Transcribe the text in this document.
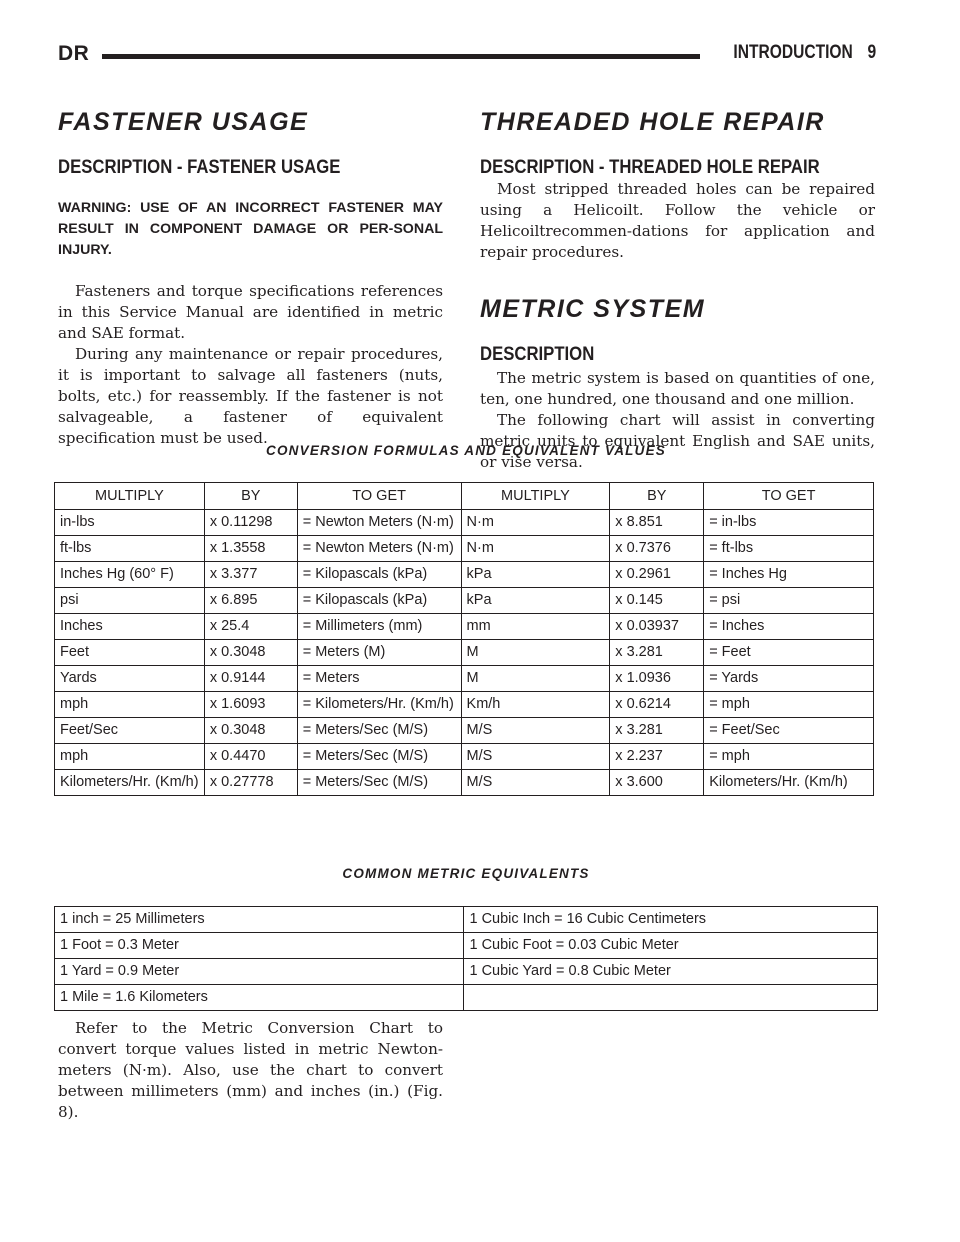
DR	INTRODUCTION 9
FASTENER USAGE
DESCRIPTION - FASTENER USAGE
WARNING: USE OF AN INCORRECT FASTENER MAY RESULT IN COMPONENT DAMAGE OR PER-SONAL INJURY.

Fasteners and torque specifications references in this Service Manual are identified in metric and SAE format.

During any maintenance or repair procedures, it is important to salvage all fasteners (nuts, bolts, etc.) for reassembly. If the fastener is not salvageable, a fastener of equivalent specification must be used.

THREADED HOLE REPAIR
DESCRIPTION - THREADED HOLE REPAIR

Most stripped threaded holes can be repaired using a Helicoilt. Follow the vehicle or Helicoiltrecommen-dations for application and repair procedures.

METRIC SYSTEM
DESCRIPTION

The metric system is based on quantities of one, ten, one hundred, one thousand and one million.

The following chart will assist in converting metric units to equivalent English and SAE units, or vise versa.

CONVERSION FORMULAS AND EQUIVALENT VALUES
MULTIPLY	BY	TO GET	MULTIPLY	BY	TO GET
in-lbs	x 0.11298	= Newton Meters (N·m)	N·m	x 8.851	= in-lbs
ft-lbs	x 1.3558	= Newton Meters (N·m)	N·m	x 0.7376	= ft-lbs
Inches Hg (60° F)	x 3.377	= Kilopascals (kPa)	kPa	x 0.2961	= Inches Hg
psi	x 6.895	= Kilopascals (kPa)	kPa	x 0.145	= psi
Inches	x 25.4	= Millimeters (mm)	mm	x 0.03937	= Inches
Feet	x 0.3048	= Meters (M)	M	x 3.281	= Feet
Yards	x 0.9144	= Meters	M	x 1.0936	= Yards
mph	x 1.6093	= Kilometers/Hr. (Km/h)	Km/h	x 0.6214	= mph
Feet/Sec	x 0.3048	= Meters/Sec (M/S)	M/S	x 3.281	= Feet/Sec
mph	x 0.4470	= Meters/Sec (M/S)	M/S	x 2.237	= mph
Kilometers/Hr. (Km/h)	x 0.27778	= Meters/Sec (M/S)	M/S	x 3.600	Kilometers/Hr. (Km/h)
COMMON METRIC EQUIVALENTS
1 inch = 25 Millimeters	1 Cubic Inch = 16 Cubic Centimeters
1 Foot = 0.3 Meter	1 Cubic Foot = 0.03 Cubic Meter
1 Yard = 0.9 Meter	1 Cubic Yard = 0.8 Cubic Meter
1 Mile = 1.6 Kilometers	

Refer to the Metric Conversion Chart to convert torque values listed in metric Newton- meters (N·m). Also, use the chart to convert between millimeters (mm) and inches (in.) (Fig. 8).
